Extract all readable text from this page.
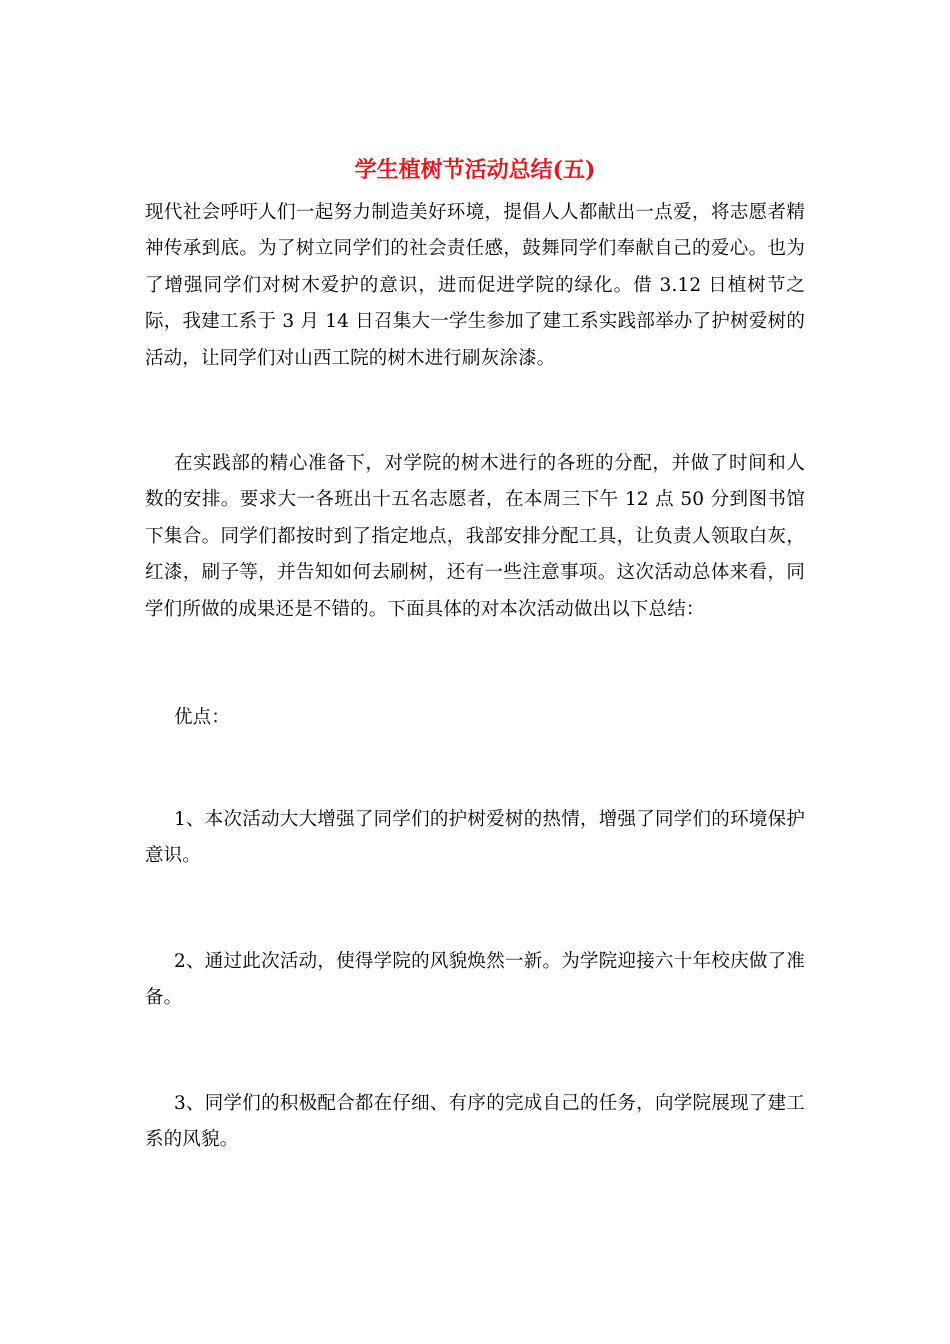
学生植树节活动总结(五)

现代社会呼吁人们一起努力制造美好环境，提倡人人都献出一点爱，将志愿者精神传承到底。为了树立同学们的社会责任感，鼓舞同学们奉献自己的爱心。也为了增强同学们对树木爱护的意识，进而促进学院的绿化。借 3.12 日植树节之际，我建工系于 3 月 14 日召集大一学生参加了建工系实践部举办了护树爱树的活动，让同学们对山西工院的树木进行刷灰涂漆。

在实践部的精心准备下，对学院的树木进行的各班的分配，并做了时间和人数的安排。要求大一各班出十五名志愿者，在本周三下午 12 点 50 分到图书馆下集合。同学们都按时到了指定地点，我部安排分配工具，让负责人领取白灰，红漆，刷子等，并告知如何去刷树，还有一些注意事项。这次活动总体来看，同学们所做的成果还是不错的。下面具体的对本次活动做出以下总结：

优点：

1、本次活动大大增强了同学们的护树爱树的热情，增强了同学们的环境保护意识。

2、通过此次活动，使得学院的风貌焕然一新。为学院迎接六十年校庆做了准备。

3、同学们的积极配合都在仔细、有序的完成自己的任务，向学院展现了建工系的风貌。
